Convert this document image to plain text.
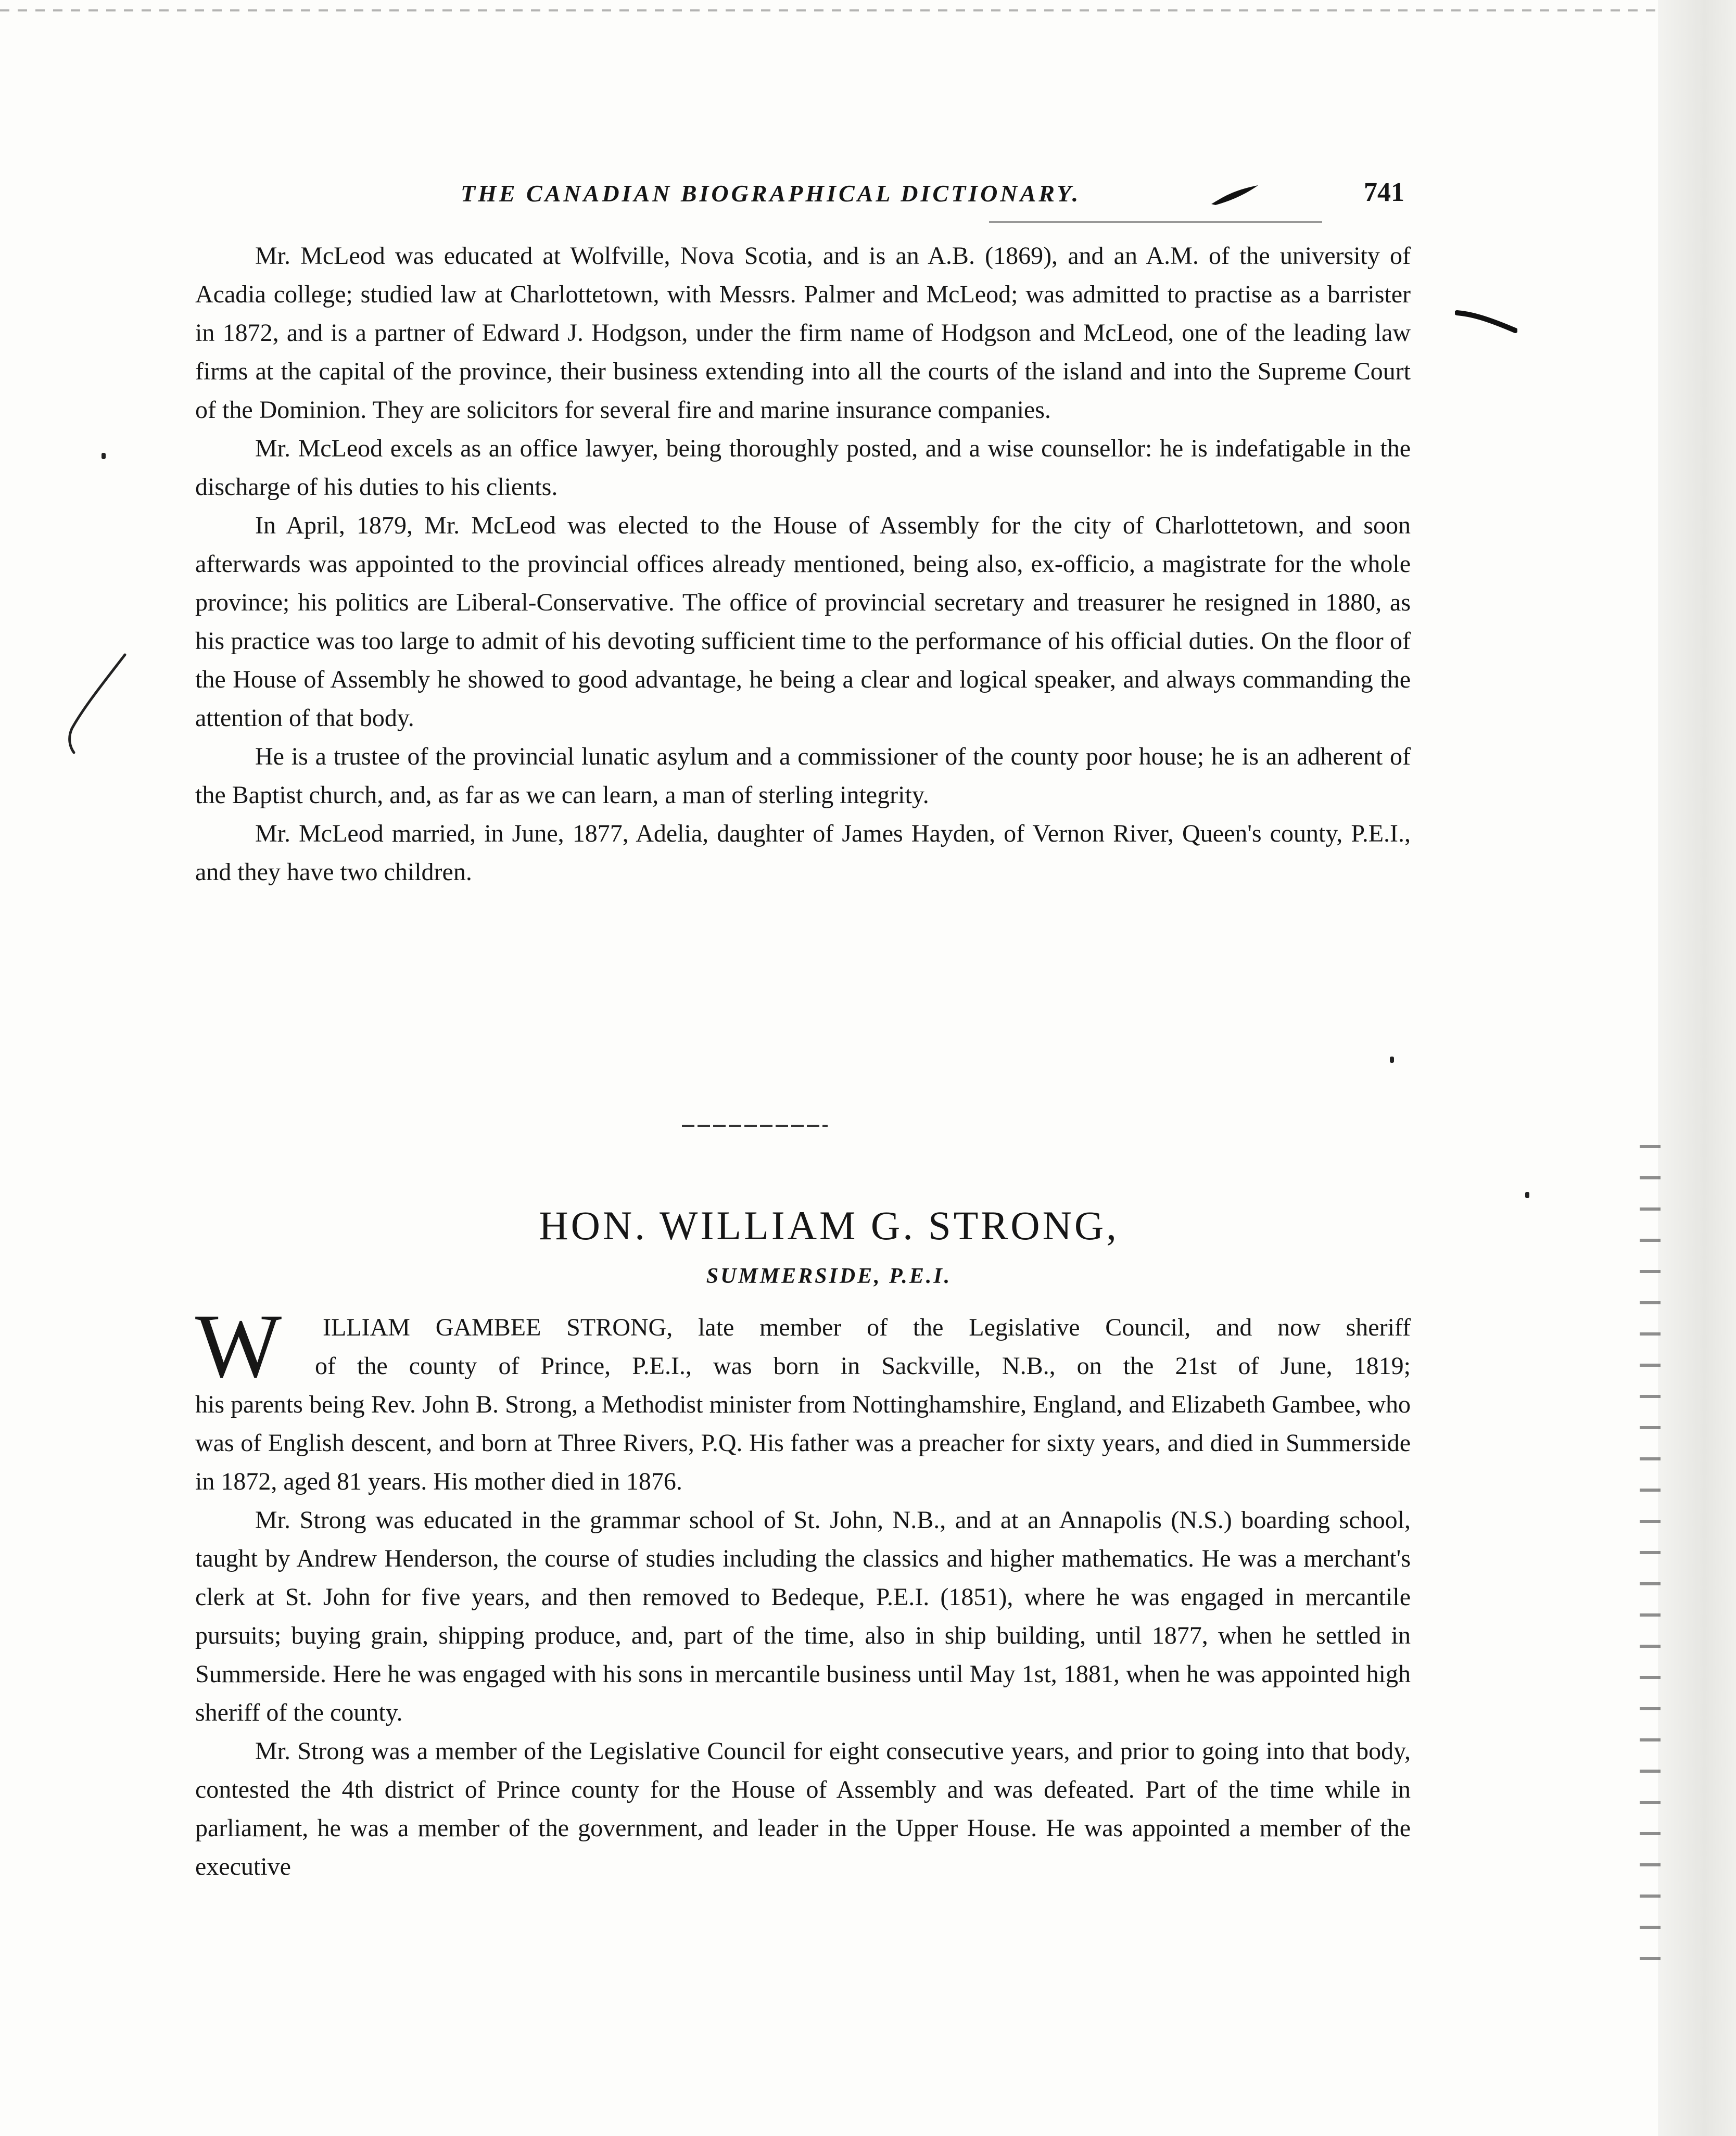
THE CANADIAN BIOGRAPHICAL DICTIONARY.	741

Mr. McLeod was educated at Wolfville, Nova Scotia, and is an A.B. (1869), and an A.M. of the university of Acadia college; studied law at Charlottetown, with Messrs. Palmer and McLeod; was admitted to practise as a barrister in 1872, and is a partner of Edward J. Hodgson, under the firm name of Hodgson and McLeod, one of the leading law firms at the capital of the province, their business extending into all the courts of the island and into the Supreme Court of the Dominion. They are solicitors for several fire and marine insurance companies.

Mr. McLeod excels as an office lawyer, being thoroughly posted, and a wise counsellor: he is indefatigable in the discharge of his duties to his clients.

In April, 1879, Mr. McLeod was elected to the House of Assembly for the city of Charlottetown, and soon afterwards was appointed to the provincial offices already mentioned, being also, ex-officio, a magistrate for the whole province; his politics are Liberal-Conservative. The office of provincial secretary and treasurer he resigned in 1880, as his practice was too large to admit of his devoting sufficient time to the performance of his official duties. On the floor of the House of Assembly he showed to good advantage, he being a clear and logical speaker, and always commanding the attention of that body.

He is a trustee of the provincial lunatic asylum and a commissioner of the county poor house; he is an adherent of the Baptist church, and, as far as we can learn, a man of sterling integrity.

Mr. McLeod married, in June, 1877, Adelia, daughter of James Hayden, of Vernon River, Queen's county, P.E.I., and they have two children.

HON. WILLIAM G. STRONG,
SUMMERSIDE, P.E.I.
W	ILLIAM GAMBEE STRONG, late member of the Legislative Council, and now sheriff
of the county of Prince, P.E.I., was born in Sackville, N.B., on the 21st of June, 1819;

his parents being Rev. John B. Strong, a Methodist minister from Nottinghamshire, England, and Elizabeth Gambee, who was of English descent, and born at Three Rivers, P.Q. His father was a preacher for sixty years, and died in Summerside in 1872, aged 81 years. His mother died in 1876.

Mr. Strong was educated in the grammar school of St. John, N.B., and at an Annapolis (N.S.) boarding school, taught by Andrew Henderson, the course of studies including the classics and higher mathematics. He was a merchant's clerk at St. John for five years, and then removed to Bedeque, P.E.I. (1851), where he was engaged in mercantile pursuits; buying grain, shipping produce, and, part of the time, also in ship building, until 1877, when he settled in Summerside. Here he was engaged with his sons in mercantile business until May 1st, 1881, when he was appointed high sheriff of the county.

Mr. Strong was a member of the Legislative Council for eight consecutive years, and prior to going into that body, contested the 4th district of Prince county for the House of Assembly and was defeated. Part of the time while in parliament, he was a member of the government, and leader in the Upper House. He was appointed a member of the executive
